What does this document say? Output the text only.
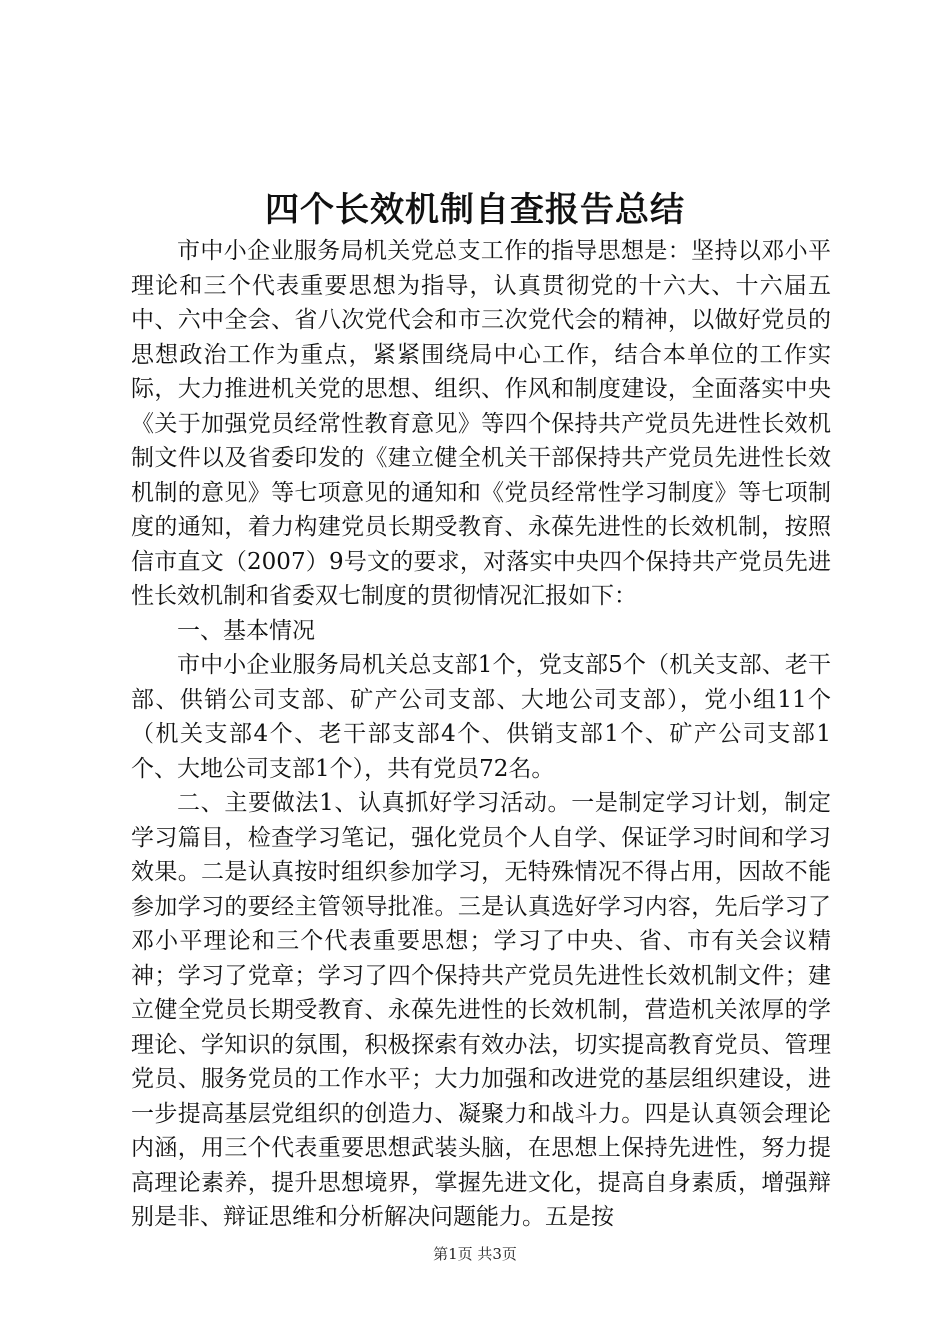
四个长效机制自查报告总结

市中小企业服务局机关党总支工作的指导思想是：坚持以邓小平理论和三个代表重要思想为指导，认真贯彻党的十六大、十六届五中、六中全会、省八次党代会和市三次党代会的精神，以做好党员的思想政治工作为重点，紧紧围绕局中心工作，结合本单位的工作实际，大力推进机关党的思想、组织、作风和制度建设，全面落实中央《关于加强党员经常性教育意见》等四个保持共产党员先进性长效机制文件以及省委印发的《建立健全机关干部保持共产党员先进性长效机制的意见》等七项意见的通知和《党员经常性学习制度》等七项制度的通知，着力构建党员长期受教育、永葆先进性的长效机制，按照信市直文（2007）9号文的要求，对落实中央四个保持共产党员先进性长效机制和省委双七制度的贯彻情况汇报如下：

一、基本情况

市中小企业服务局机关总支部1个，党支部5个（机关支部、老干部、供销公司支部、矿产公司支部、大地公司支部），党小组11个（机关支部4个、老干部支部4个、供销支部1个、矿产公司支部1个、大地公司支部1个），共有党员72名。

二、主要做法1、认真抓好学习活动。一是制定学习计划，制定学习篇目，检查学习笔记，强化党员个人自学、保证学习时间和学习效果。二是认真按时组织参加学习，无特殊情况不得占用，因故不能参加学习的要经主管领导批准。三是认真选好学习内容，先后学习了邓小平理论和三个代表重要思想；学习了中央、省、市有关会议精神；学习了党章；学习了四个保持共产党员先进性长效机制文件；建立健全党员长期受教育、永葆先进性的长效机制，营造机关浓厚的学理论、学知识的氛围，积极探索有效办法，切实提高教育党员、管理党员、服务党员的工作水平；大力加强和改进党的基层组织建设，进一步提高基层党组织的创造力、凝聚力和战斗力。四是认真领会理论内涵，用三个代表重要思想武装头脑，在思想上保持先进性，努力提高理论素养，提升思想境界，掌握先进文化，提高自身素质，增强辩别是非、辩证思维和分析解决问题能力。五是按

第1页 共3页
